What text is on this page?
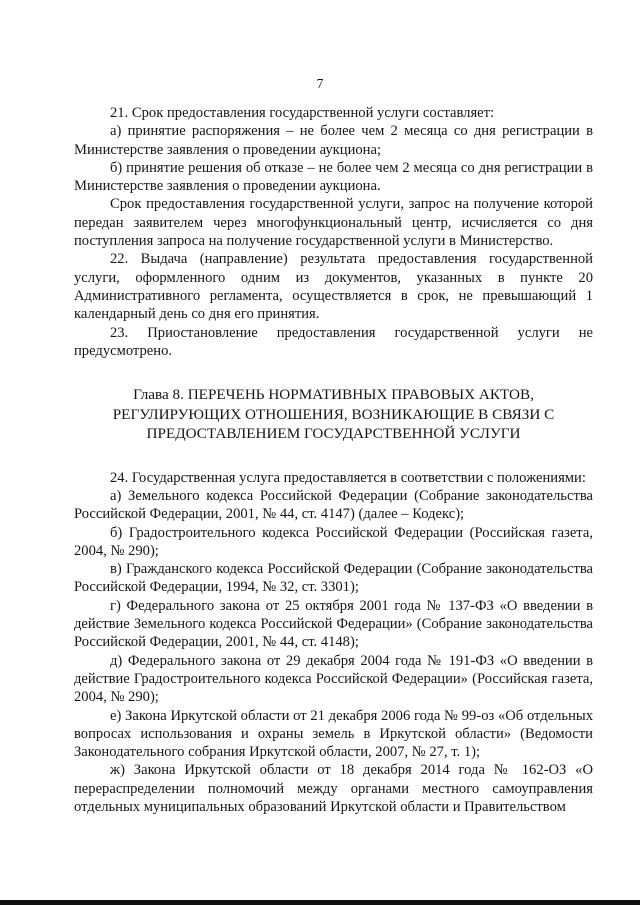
7

21. Срок предоставления государственной услуги составляет:

а) принятие распоряжения – не более чем 2 месяца со дня регистрации в Министерстве заявления о проведении аукциона;

б) принятие решения об отказе – не более чем 2 месяца со дня регистрации в Министерстве заявления о проведении аукциона.

Срок предоставления государственной услуги, запрос на получение которой передан заявителем через многофункциональный центр, исчисляется со дня поступления запроса на получение государственной услуги в Министерство.

22. Выдача (направление) результата предоставления государственной услуги, оформленного одним из документов, указанных в пункте 20 Административного регламента, осуществляется в срок, не превышающий 1 календарный день со дня его принятия.

23. Приостановление предоставления государственной услуги не предусмотрено.

Глава 8. ПЕРЕЧЕНЬ НОРМАТИВНЫХ ПРАВОВЫХ АКТОВ, РЕГУЛИРУЮЩИХ ОТНОШЕНИЯ, ВОЗНИКАЮЩИЕ В СВЯЗИ С ПРЕДОСТАВЛЕНИЕМ ГОСУДАРСТВЕННОЙ УСЛУГИ

24. Государственная услуга предоставляется в соответствии с положениями:

а) Земельного кодекса Российской Федерации (Собрание законодательства Российской Федерации, 2001, № 44, ст. 4147) (далее – Кодекс);

б) Градостроительного кодекса Российской Федерации (Российская газета, 2004, № 290);

в) Гражданского кодекса Российской Федерации (Собрание законодательства Российской Федерации, 1994, № 32, ст. 3301);

г) Федерального закона от 25 октября 2001 года № 137-ФЗ «О введении в действие Земельного кодекса Российской Федерации» (Собрание законодательства Российской Федерации, 2001, № 44, ст. 4148);

д) Федерального закона от 29 декабря 2004 года № 191-ФЗ «О введении в действие Градостроительного кодекса Российской Федерации» (Российская газета, 2004, № 290);

е) Закона Иркутской области от 21 декабря 2006 года № 99-оз «Об отдельных вопросах использования и охраны земель в Иркутской области» (Ведомости Законодательного собрания Иркутской области, 2007, № 27, т. 1);

ж) Закона Иркутской области от 18 декабря 2014 года № 162-ОЗ «О перераспределении полномочий между органами местного самоуправления отдельных муниципальных образований Иркутской области и Правительством
